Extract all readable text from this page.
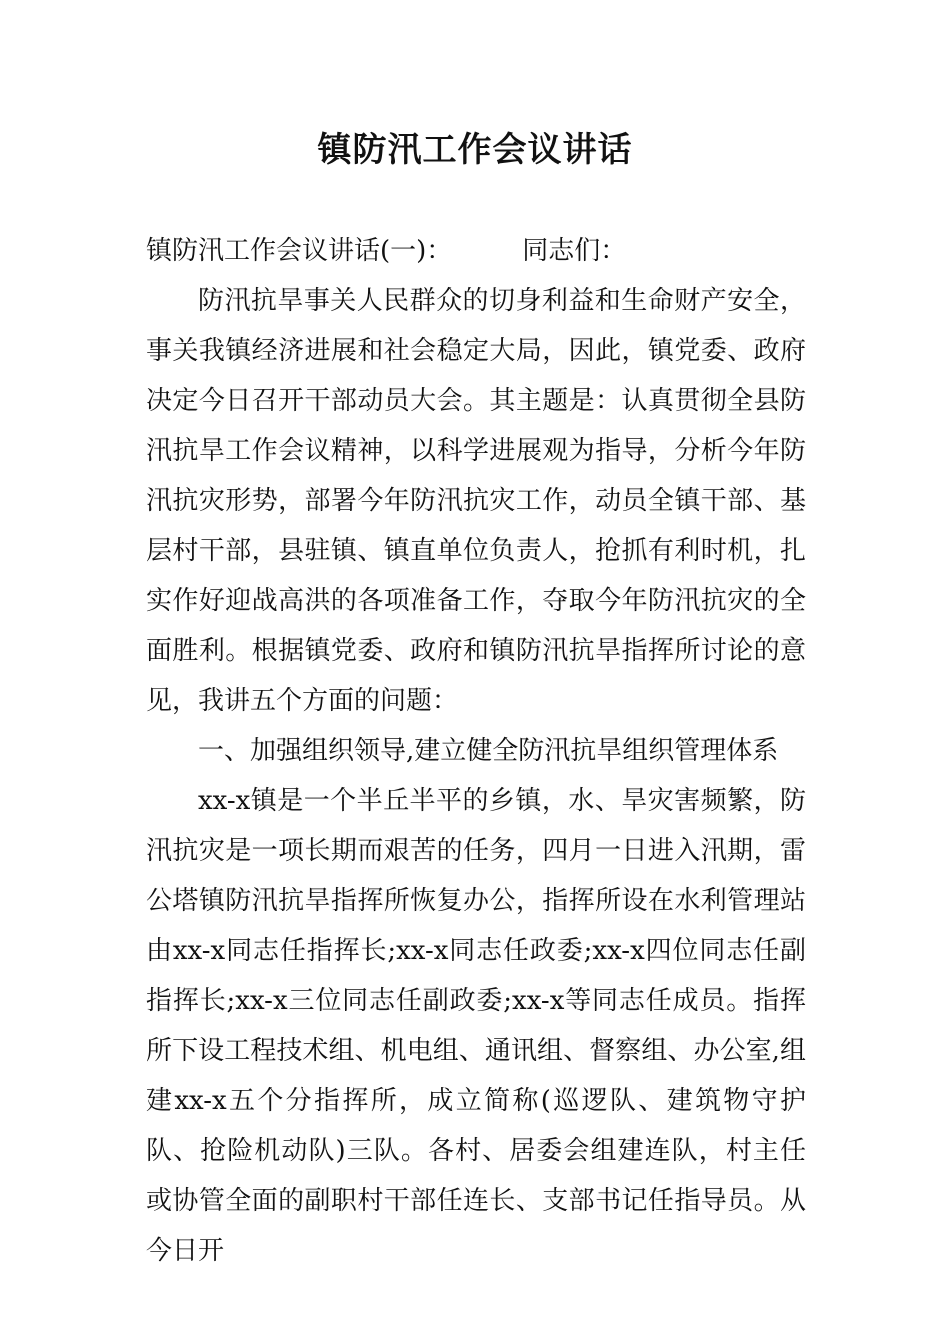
镇防汛工作会议讲话
镇防汛工作会议讲话(一)：	同志们：

防汛抗旱事关人民群众的切身利益和生命财产安全，事关我镇经济进展和社会稳定大局，因此，镇党委、政府决定今日召开干部动员大会。其主题是：认真贯彻全县防汛抗旱工作会议精神，以科学进展观为指导，分析今年防汛抗灾形势，部署今年防汛抗灾工作，动员全镇干部、基层村干部，县驻镇、镇直单位负责人，抢抓有利时机，扎实作好迎战高洪的各项准备工作，夺取今年防汛抗灾的全面胜利。根据镇党委、政府和镇防汛抗旱指挥所讨论的意见，我讲五个方面的问题：

一、加强组织领导,建立健全防汛抗旱组织管理体系

xx-x镇是一个半丘半平的乡镇，水、旱灾害频繁，防汛抗灾是一项长期而艰苦的任务，四月一日进入汛期，雷公塔镇防汛抗旱指挥所恢复办公，指挥所设在水利管理站由xx-x同志任指挥长;xx-x同志任政委;xx-x四位同志任副指挥长;xx-x三位同志任副政委;xx-x等同志任成员。指挥所下设工程技术组、机电组、通讯组、督察组、办公室,组建xx-x五个分指挥所，成立简称(巡逻队、建筑物守护队、抢险机动队)三队。各村、居委会组建连队，村主任或协管全面的副职村干部任连长、支部书记任指导员。从今日开
